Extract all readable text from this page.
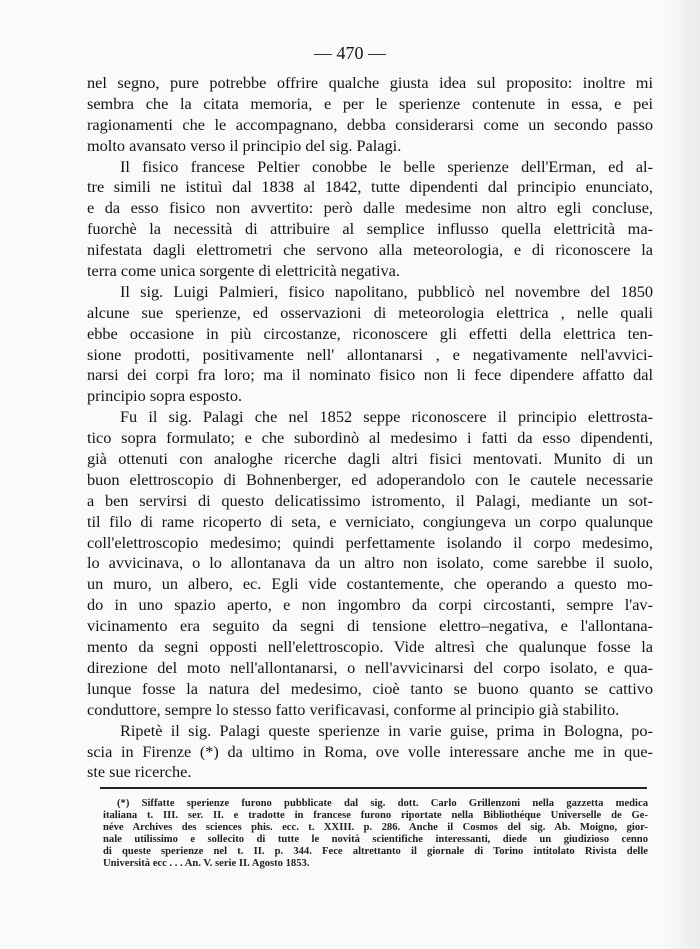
— 470 —
nel segno, pure potrebbe offrire qualche giusta idea sul proposito: inoltre mi
sembra che la citata memoria, e per le sperienze contenute in essa, e pei
ragionamenti che le accompagnano, debba considerarsi come un secondo passo
molto avansato verso il principio del sig. Palagi.
Il fisico francese Peltier conobbe le belle sperienze dell'Erman, ed al-
tre simili ne istituì dal 1838 al 1842, tutte dipendenti dal principio enunciato,
e da esso fisico non avvertito: però dalle medesime non altro egli concluse,
fuorchè la necessità di attribuire al semplice influsso quella elettricità ma-
nifestata dagli elettrometri che servono alla meteorologia, e di riconoscere la
terra come unica sorgente di elettricità negativa.
Il sig. Luigi Palmieri, fisico napolitano, pubblicò nel novembre del 1850
alcune sue sperienze, ed osservazioni di meteorologia elettrica , nelle quali
ebbe occasione in più circostanze, riconoscere gli effetti della elettrica ten-
sione prodotti, positivamente nell' allontanarsi , e negativamente nell'avvici-
narsi dei corpi fra loro; ma il nominato fisico non li fece dipendere affatto dal
principio sopra esposto.
Fu il sig. Palagi che nel 1852 seppe riconoscere il principio elettrosta-
tico sopra formulato; e che subordinò al medesimo i fatti da esso dipendenti,
già ottenuti con analoghe ricerche dagli altri fisici mentovati. Munito di un
buon elettroscopio di Bohnenberger, ed adoperandolo con le cautele necessarie
a ben servirsi di questo delicatissimo istromento, il Palagi, mediante un sot-
til filo di rame ricoperto di seta, e verniciato, congiungeva un corpo qualunque
coll'elettroscopio medesimo; quindi perfettamente isolando il corpo medesimo,
lo avvicinava, o lo allontanava da un altro non isolato, come sarebbe il suolo,
un muro, un albero, ec. Egli vide costantemente, che operando a questo mo-
do in uno spazio aperto, e non ingombro da corpi circostanti, sempre l'av-
vicinamento era seguito da segni di tensione elettro–negativa, e l'allontana-
mento da segni opposti nell'elettroscopio. Vide altresì che qualunque fosse la
direzione del moto nell'allontanarsi, o nell'avvicinarsi del corpo isolato, e qua-
lunque fosse la natura del medesimo, cioè tanto se buono quanto se cattivo
conduttore, sempre lo stesso fatto verificavasi, conforme al principio già stabilito.
Ripetè il sig. Palagi queste sperienze in varie guise, prima in Bologna, po-
scia in Firenze (*) da ultimo in Roma, ove volle interessare anche me in que-
ste sue ricerche.
(*) Siffatte sperienze furono pubblicate dal sig. dott. Carlo Grillenzoni nella gazzetta medica
italiana t. III. ser. II. e tradotte in francese furono riportate nella Bibliothéque Universelle de Ge-
néve Archives des sciences phis. ecc. t. XXIII. p. 286. Anche il Cosmos del sig. Ab. Moigno, gior-
nale utilissimo e sollecito di tutte le novità scientifiche interessanti, diede un giudizioso cenno
di queste sperienze nel t. II. p. 344. Fece altrettanto il giornale di Torino intitolato Rivista delle
Università ecc . . . An. V. serie II. Agosto 1853.
